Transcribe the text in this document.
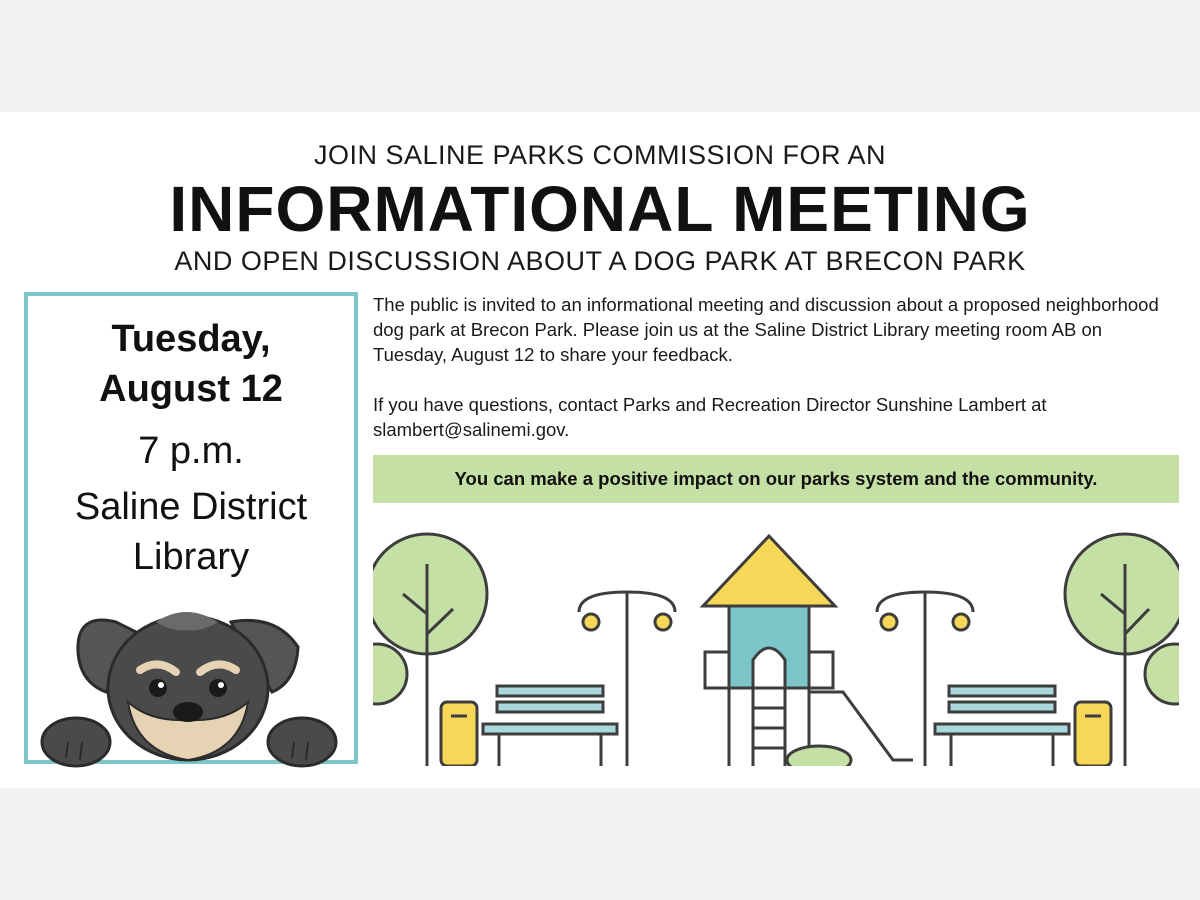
JOIN SALINE PARKS COMMISSION FOR AN
INFORMATIONAL MEETING
AND OPEN DISCUSSION ABOUT A DOG PARK AT BRECON PARK
Tuesday,
August 12
7 p.m.
Saline District
Library

The public is invited to an informational meeting and discussion about a proposed neighborhood dog park at Brecon Park. Please join us at the Saline District Library meeting room AB on Tuesday, August 12 to share your feedback.

If you have questions, contact Parks and Recreation Director Sunshine Lambert at slambert@salinemi.gov.

You can make a positive impact on our parks system and the community.
